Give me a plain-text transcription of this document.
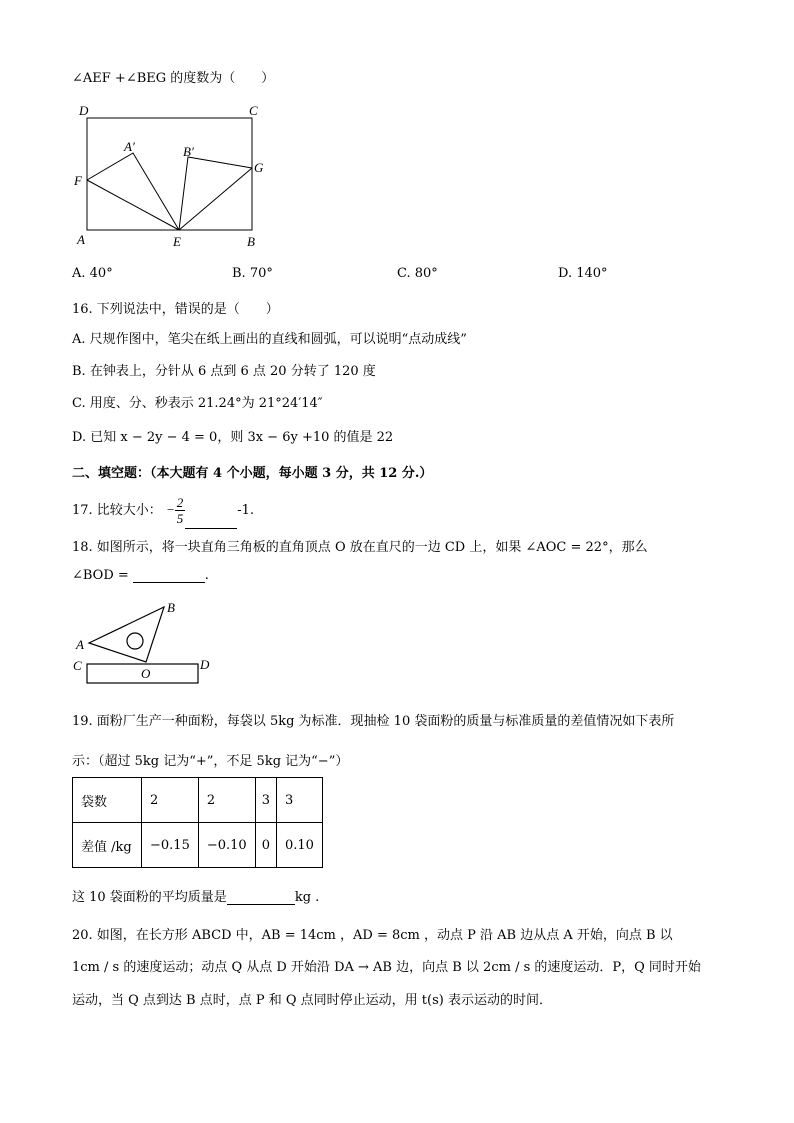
∠AEF +∠BEG 的度数为（　　）
D	C
A′	B′
F
G
A	E	B
A. 40°	B. 70°	C. 80°	D. 140°
16. 下列说法中，错误的是（　　）
A. 尺规作图中，笔尖在纸上画出的直线和圆弧，可以说明“点动成线”
B. 在钟表上，分针从 6 点到 6 点 20 分转了 120 度
C. 用度、分、秒表示 21.24°为 21°24′14″
D. 已知 x − 2y − 4 = 0，则 3x − 6y +10 的值是 22
二、填空题：（本大题有 4 个小题，每小题 3 分，共 12 分.）
17. 比较大小： − $\frac{2}{5}$	-1.
18. 如图所示，将一块直角三角板的直角顶点 O 放在直尺的一边 CD 上，如果 ∠AOC = 22°，那么
∠BOD =	.
B
A
C	D
O
19. 面粉厂生产一种面粉，每袋以 5kg 为标准．现抽检 10 袋面粉的质量与标准质量的差值情况如下表所
示：（超过 5kg 记为“+”，不足 5kg 记为“−”）
袋数	2	2	3	3
差值 /kg	−0.15	−0.10	0	0.10
这 10 袋面粉的平均质量是	kg .
20. 如图，在长方形 ABCD 中，AB = 14cm ，AD = 8cm ，动点 P 沿 AB 边从点 A 开始，向点 B 以
1cm / s 的速度运动；动点 Q 从点 D 开始沿 DA → AB 边，向点 B 以 2cm / s 的速度运动．P，Q 同时开始
运动，当 Q 点到达 B 点时，点 P 和 Q 点同时停止运动，用 t(s) 表示运动的时间．
